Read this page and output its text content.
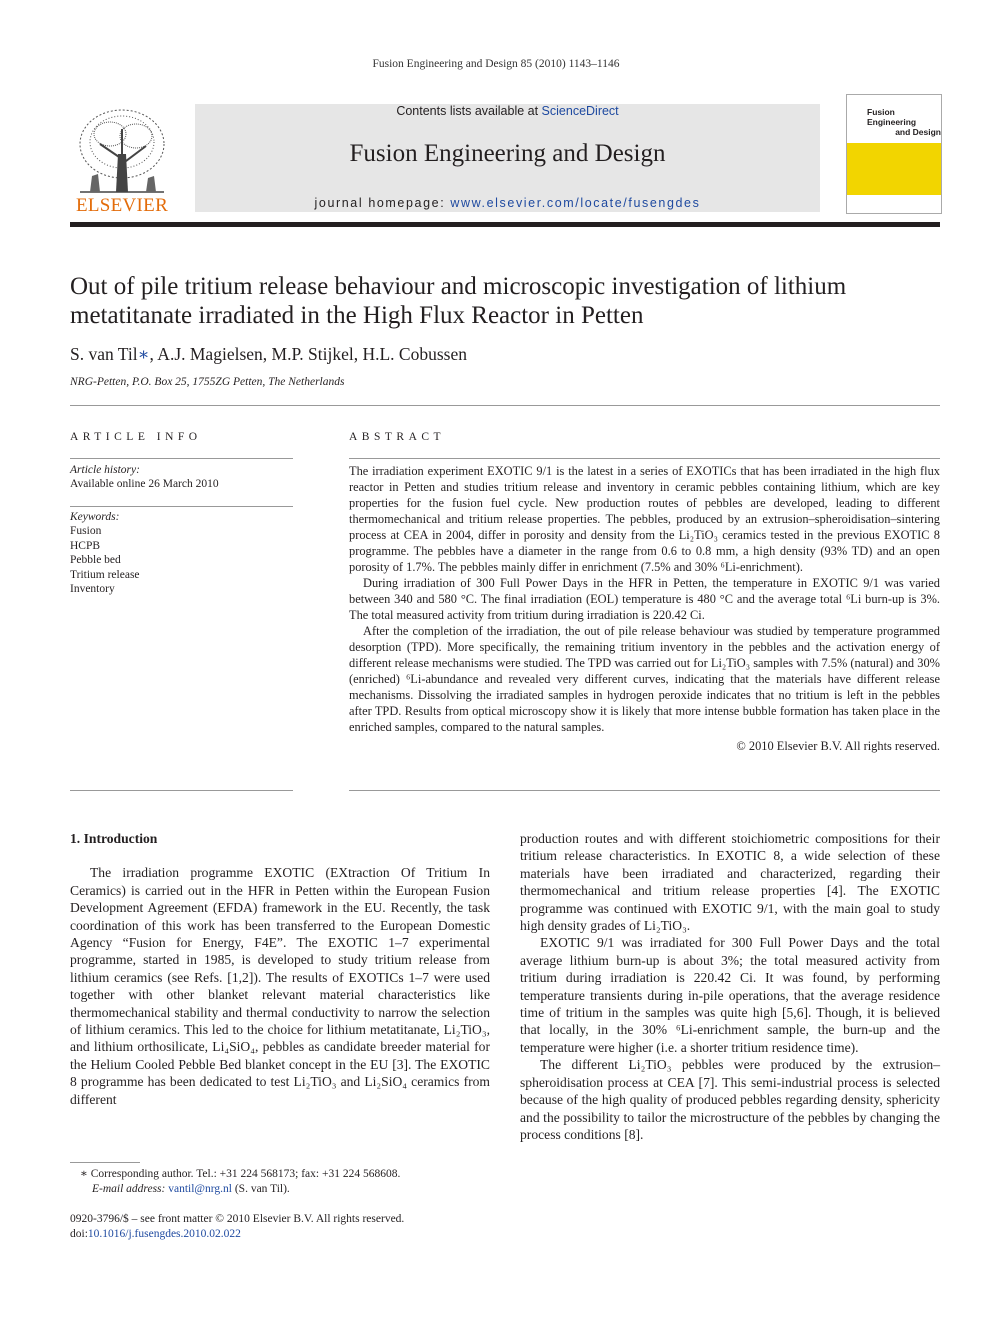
Fusion Engineering and Design 85 (2010) 1143–1146
ELSEVIER
Contents lists available at ScienceDirect
Fusion Engineering and Design
journal homepage: www.elsevier.com/locate/fusengdes
Fusion Engineering
and Design
Out of pile tritium release behaviour and microscopic investigation of lithium metatitanate irradiated in the High Flux Reactor in Petten
S. van Til∗, A.J. Magielsen, M.P. Stijkel, H.L. Cobussen
NRG-Petten, P.O. Box 25, 1755ZG Petten, The Netherlands
ARTICLE INFO	ABSTRACT
Article history:
Available online 26 March 2010
Keywords:
Fusion
HCPB
Pebble bed
Tritium release
Inventory

The irradiation experiment EXOTIC 9/1 is the latest in a series of EXOTICs that has been irradiated in the high flux reactor in Petten and studies tritium release and inventory in ceramic pebbles containing lithium, which are key properties for the fusion fuel cycle. New production routes of pebbles are developed, leading to different thermomechanical and tritium release properties. The pebbles, produced by an extrusion–spheroidisation–sintering process at CEA in 2004, differ in porosity and density from the Li₂TiO₃ ceramics tested in the previous EXOTIC 8 programme. The pebbles have a diameter in the range from 0.6 to 0.8 mm, a high density (93% TD) and an open porosity of 1.7%. The pebbles mainly differ in enrichment (7.5% and 30% ⁶Li-enrichment).

During irradiation of 300 Full Power Days in the HFR in Petten, the temperature in EXOTIC 9/1 was varied between 340 and 580 °C. The final irradiation (EOL) temperature is 480 °C and the average total ⁶Li burn-up is 3%. The total measured activity from tritium during irradiation is 220.42 Ci.

After the completion of the irradiation, the out of pile release behaviour was studied by temperature programmed desorption (TPD). More specifically, the remaining tritium inventory in the pebbles and the activation energy of different release mechanisms were studied. The TPD was carried out for Li₂TiO₃ samples with 7.5% (natural) and 30% (enriched) ⁶Li-abundance and revealed very different curves, indicating that the materials have different release mechanisms. Dissolving the irradiated samples in hydrogen peroxide indicates that no tritium is left in the pebbles after TPD. Results from optical microscopy show it is likely that more intense bubble formation has taken place in the enriched samples, compared to the natural samples.

© 2010 Elsevier B.V. All rights reserved.

1. Introduction

The irradiation programme EXOTIC (EXtraction Of Tritium In Ceramics) is carried out in the HFR in Petten within the European Fusion Development Agreement (EFDA) framework in the EU. Recently, the task coordination of this work has been transferred to the European Domestic Agency “Fusion for Energy, F4E”. The EXOTIC 1–7 experimental programme, started in 1985, is developed to study tritium release from lithium ceramics (see Refs. [1,2]). The results of EXOTICs 1–7 were used together with other blanket relevant material characteristics like thermomechanical stability and thermal conductivity to narrow the selection of lithium ceramics. This led to the choice for lithium metatitanate, Li₂TiO₃, and lithium orthosilicate, Li₄SiO₄, pebbles as candidate breeder material for the Helium Cooled Pebble Bed blanket concept in the EU [3]. The EXOTIC 8 programme has been dedicated to test Li₂TiO₃ and Li₂SiO₄ ceramics from different

production routes and with different stoichiometric compositions for their tritium release characteristics. In EXOTIC 8, a wide selection of these materials have been irradiated and characterized, regarding their thermomechanical and tritium release properties [4]. The EXOTIC programme was continued with EXOTIC 9/1, with the main goal to study high density grades of Li₂TiO₃.

EXOTIC 9/1 was irradiated for 300 Full Power Days and the total average lithium burn-up is about 3%; the total measured activity from tritium during irradiation is 220.42 Ci. It was found, by performing temperature transients during in-pile operations, that the average residence time of tritium in the samples was quite high [5,6]. Though, it is believed that locally, in the 30% ⁶Li-enrichment sample, the burn-up and the temperature were higher (i.e. a shorter tritium residence time).

The different Li₂TiO₃ pebbles were produced by the extrusion–spheroidisation process at CEA [7]. This semi-industrial process is selected because of the high quality of produced pebbles regarding density, sphericity and the possibility to tailor the microstructure of the pebbles by changing the process conditions [8].

∗ Corresponding author. Tel.: +31 224 568173; fax: +31 224 568608.
E-mail address: vantil@nrg.nl (S. van Til).
0920-3796/$ – see front matter © 2010 Elsevier B.V. All rights reserved.
doi:10.1016/j.fusengdes.2010.02.022
